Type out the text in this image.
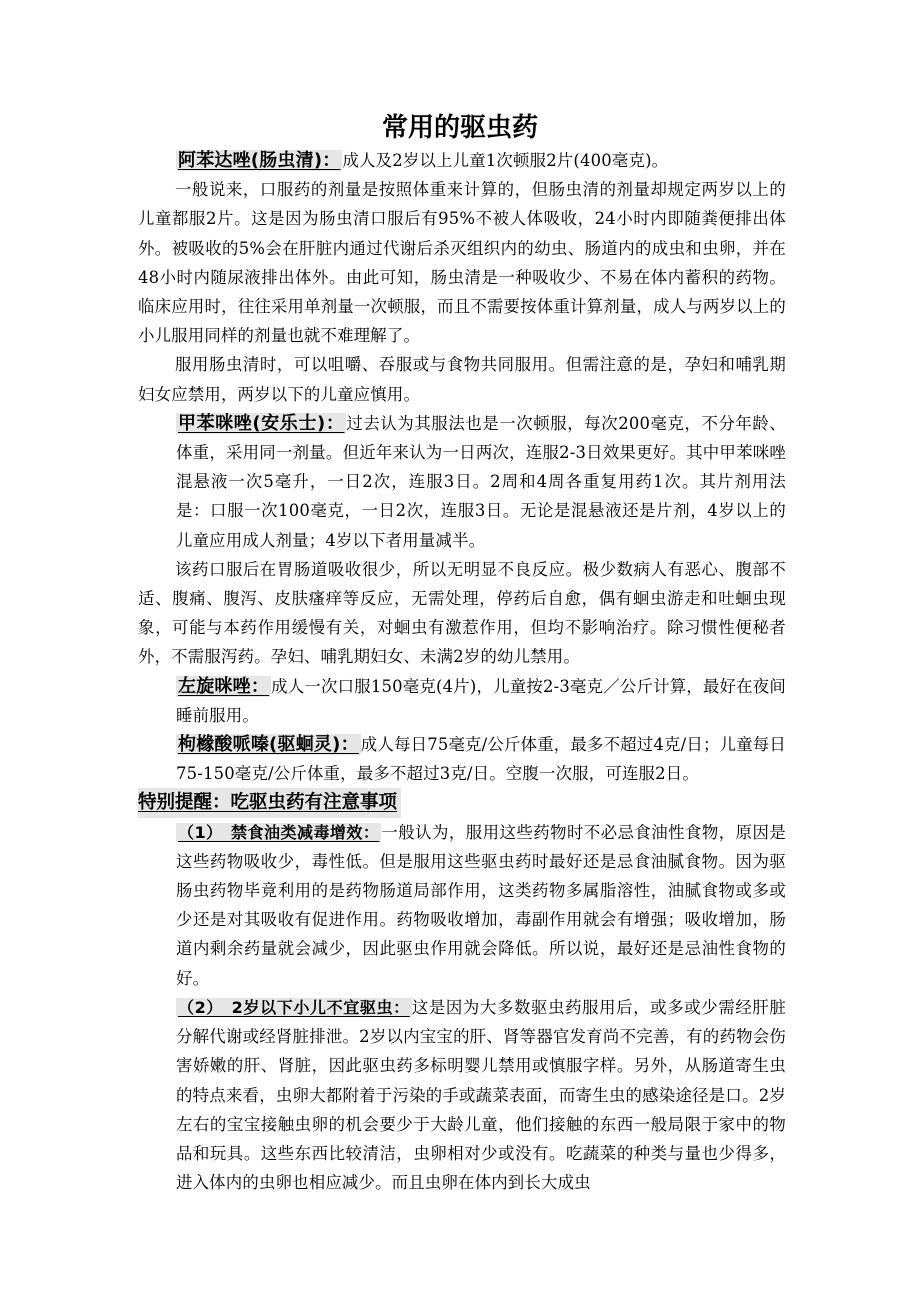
常用的驱虫药

阿苯达唑(肠虫清)： 成人及2岁以上儿童1次顿服2片(400毫克)。

一般说来，口服药的剂量是按照体重来计算的，但肠虫清的剂量却规定两岁以上的儿童都服2片。这是因为肠虫清口服后有95%不被人体吸收，24小时内即随粪便排出体外。被吸收的5%会在肝脏内通过代谢后杀灭组织内的幼虫、肠道内的成虫和虫卵，并在48小时内随尿液排出体外。由此可知，肠虫清是一种吸收少、不易在体内蓄积的药物。临床应用时，往往采用单剂量一次顿服，而且不需要按体重计算剂量，成人与两岁以上的小儿服用同样的剂量也就不难理解了。

服用肠虫清时，可以咀嚼、吞服或与食物共同服用。但需注意的是，孕妇和哺乳期妇女应禁用，两岁以下的儿童应慎用。

甲苯咪唑(安乐士)： 过去认为其服法也是一次顿服，每次200毫克，不分年龄、体重，采用同一剂量。但近年来认为一日两次，连服2-3日效果更好。其中甲苯咪唑混悬液一次5毫升，一日2次，连服3日。2周和4周各重复用药1次。其片剂用法是：口服一次100毫克，一日2次，连服3日。无论是混悬液还是片剂，4岁以上的儿童应用成人剂量；4岁以下者用量减半。

该药口服后在胃肠道吸收很少，所以无明显不良反应。极少数病人有恶心、腹部不适、腹痛、腹泻、皮肤瘙痒等反应，无需处理，停药后自愈，偶有蛔虫游走和吐蛔虫现象，可能与本药作用缓慢有关，对蛔虫有激惹作用，但均不影响治疗。除习惯性便秘者外，不需服泻药。孕妇、哺乳期妇女、未满2岁的幼儿禁用。

左旋咪唑： 成人一次口服150毫克(4片)，儿童按2-3毫克／公斤计算，最好在夜间睡前服用。

枸橼酸哌嗪(驱蛔灵)： 成人每日75毫克/公斤体重，最多不超过4克/日；儿童每日75-150毫克/公斤体重，最多不超过3克/日。空腹一次服，可连服2日。

特别提醒：吃驱虫药有注意事项

（1）　禁食油类减毒增效： 一般认为，服用这些药物时不必忌食油性食物，原因是这些药物吸收少，毒性低。但是服用这些驱虫药时最好还是忌食油腻食物。因为驱肠虫药物毕竟利用的是药物肠道局部作用，这类药物多属脂溶性，油腻食物或多或少还是对其吸收有促进作用。药物吸收增加，毒副作用就会有增强；吸收增加，肠道内剩余药量就会减少，因此驱虫作用就会降低。所以说，最好还是忌油性食物的好。

（2）　2岁以下小儿不宜驱虫： 这是因为大多数驱虫药服用后，或多或少需经肝脏分解代谢或经肾脏排泄。2岁以内宝宝的肝、肾等器官发育尚不完善，有的药物会伤害娇嫩的肝、肾脏，因此驱虫药多标明婴儿禁用或慎服字样。另外，从肠道寄生虫的特点来看，虫卵大都附着于污染的手或蔬菜表面，而寄生虫的感染途径是口。2岁左右的宝宝接触虫卵的机会要少于大龄儿童，他们接触的东西一般局限于家中的物品和玩具。这些东西比较清洁，虫卵相对少或没有。吃蔬菜的种类与量也少得多，进入体内的虫卵也相应减少。而且虫卵在体内到长大成虫
